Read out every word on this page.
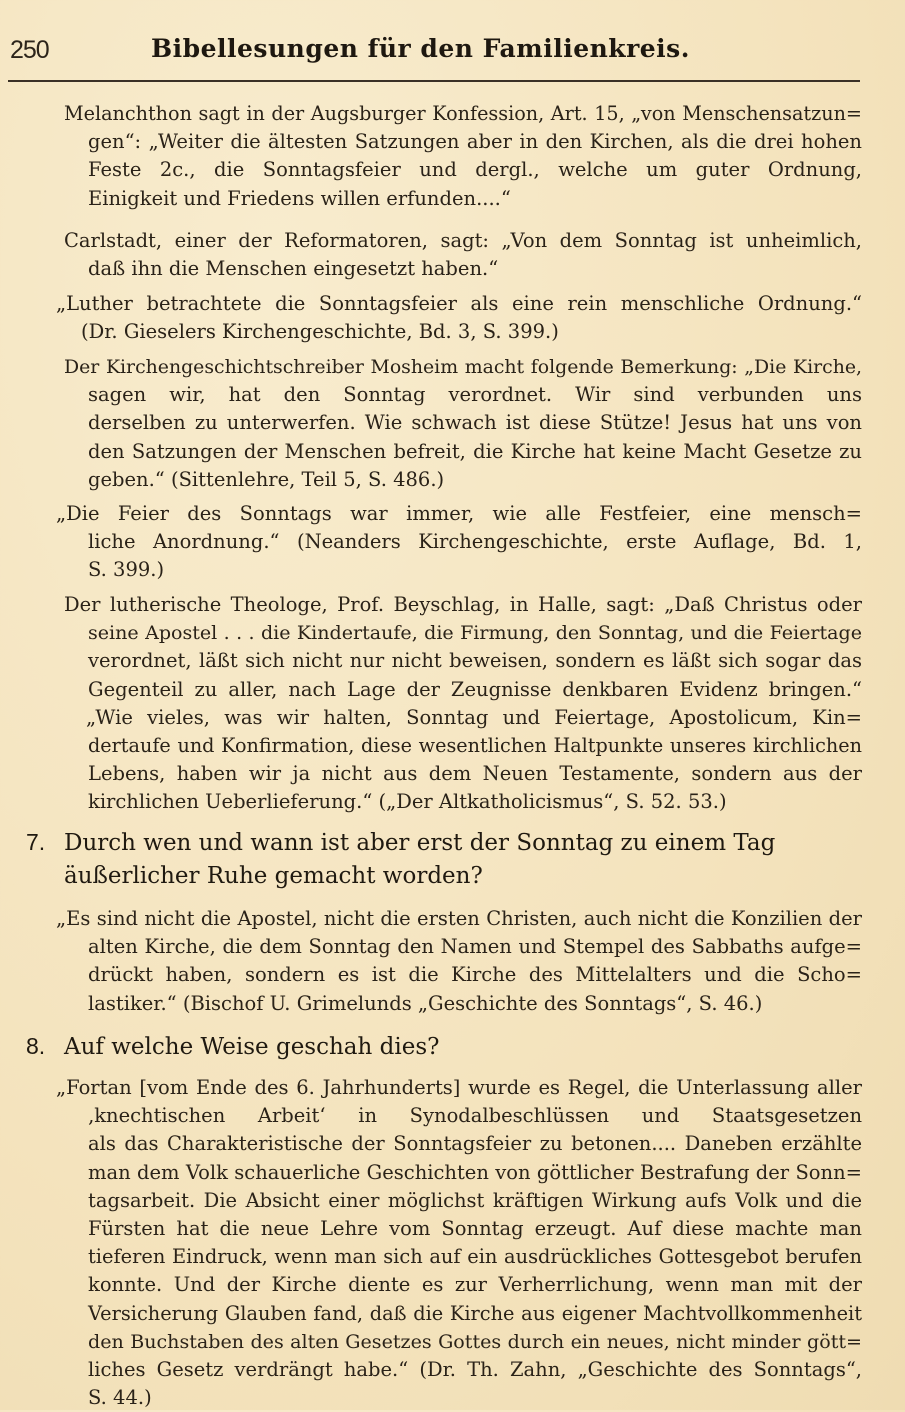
250	Bibellesungen für den Familienkreis.
Melanchthon sagt in der Augsburger Konfession, Art. 15, „von Menschensatzun=
gen“: „Weiter die ältesten Satzungen aber in den Kirchen, als die drei hohen
Feste 2c., die Sonntagsfeier und dergl., welche um guter Ordnung,
Einigkeit und Friedens willen erfunden....“
Carlstadt, einer der Reformatoren, sagt: „Von dem Sonntag ist unheimlich,
daß ihn die Menschen eingesetzt haben.“
„Luther betrachtete die Sonntagsfeier als eine rein menschliche Ordnung.“
(Dr. Gieselers Kirchengeschichte, Bd. 3, S. 399.)
Der Kirchengeschichtschreiber Mosheim macht folgende Bemerkung: „Die Kirche,
sagen wir, hat den Sonntag verordnet. Wir sind verbunden uns
derselben zu unterwerfen. Wie schwach ist diese Stütze! Jesus hat uns von
den Satzungen der Menschen befreit, die Kirche hat keine Macht Gesetze zu
geben.“ (Sittenlehre, Teil 5, S. 486.)
„Die Feier des Sonntags war immer, wie alle Festfeier, eine mensch=
liche Anordnung.“ (Neanders Kirchengeschichte, erste Auflage, Bd. 1,
S. 399.)
Der lutherische Theologe, Prof. Beyschlag, in Halle, sagt: „Daß Christus oder
seine Apostel . . . die Kindertaufe, die Firmung, den Sonntag, und die Feiertage
verordnet, läßt sich nicht nur nicht beweisen, sondern es läßt sich sogar das
Gegenteil zu aller, nach Lage der Zeugnisse denkbaren Evidenz bringen.“
„Wie vieles, was wir halten, Sonntag und Feiertage, Apostolicum, Kin=
dertaufe und Konfirmation, diese wesentlichen Haltpunkte unseres kirchlichen
Lebens, haben wir ja nicht aus dem Neuen Testamente, sondern aus der
kirchlichen Ueberlieferung.“ („Der Altkatholicismus“, S. 52. 53.)
7. Durch wen und wann ist aber erst der Sonntag zu einem Tag
äußerlicher Ruhe gemacht worden?
„Es sind nicht die Apostel, nicht die ersten Christen, auch nicht die Konzilien der
alten Kirche, die dem Sonntag den Namen und Stempel des Sabbaths aufge=
drückt haben, sondern es ist die Kirche des Mittelalters und die Scho=
lastiker.“ (Bischof U. Grimelunds „Geschichte des Sonntags“, S. 46.)
8. Auf welche Weise geschah dies?
„Fortan [vom Ende des 6. Jahrhunderts] wurde es Regel, die Unterlassung aller
‚knechtischen Arbeit‘ in Synodalbeschlüssen und Staatsgesetzen
als das Charakteristische der Sonntagsfeier zu betonen.... Daneben erzählte
man dem Volk schauerliche Geschichten von göttlicher Bestrafung der Sonn=
tagsarbeit. Die Absicht einer möglichst kräftigen Wirkung aufs Volk und die
Fürsten hat die neue Lehre vom Sonntag erzeugt. Auf diese machte man
tieferen Eindruck, wenn man sich auf ein ausdrückliches Gottesgebot berufen
konnte. Und der Kirche diente es zur Verherrlichung, wenn man mit der
Versicherung Glauben fand, daß die Kirche aus eigener Machtvollkommenheit
den Buchstaben des alten Gesetzes Gottes durch ein neues, nicht minder gött=
liches Gesetz verdrängt habe.“ (Dr. Th. Zahn, „Geschichte des Sonntags“,
S. 44.)
